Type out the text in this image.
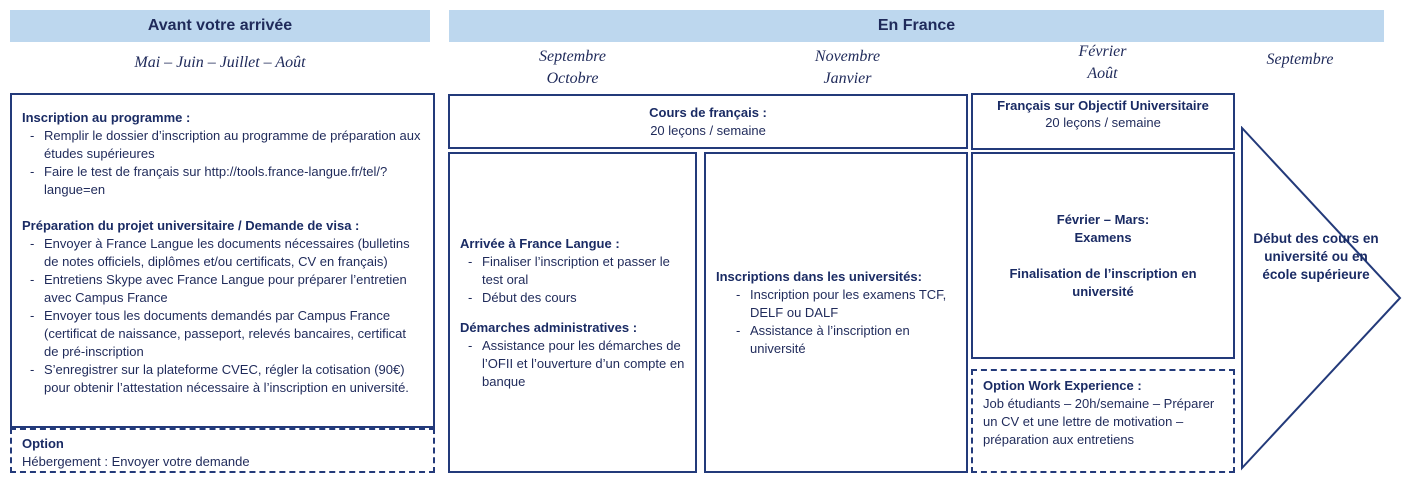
Avant votre arrivée	En France
Mai – Juin – Juillet – Août	Septembre
Octobre
Novembre
Janvier
Février
Août
Septembre
Inscription au programme :
- Remplir le dossier d’inscription au programme de préparation aux études supérieures
- Faire le test de français sur http://tools.france-langue.fr/tel/?langue=en
Préparation du projet universitaire / Demande de visa :
- Envoyer à France Langue les documents nécessaires (bulletins de notes officiels, diplômes et/ou certificats, CV en français)
- Entretiens Skype avec France Langue pour préparer l’entretien avec Campus France
- Envoyer tous les documents demandés par Campus France (certificat de naissance, passeport, relevés bancaires, certificat de pré-inscription
- S’enregistrer sur la plateforme CVEC, régler la cotisation (90€) pour obtenir l’attestation nécessaire à l’inscription en université.
Option
Hébergement : Envoyer votre demande
Cours de français :
20 leçons / semaine
Arrivée à France Langue :
- Finaliser l’inscription et passer le test oral
- Début des cours
Démarches administratives :
- Assistance pour les démarches de l’OFII et l’ouverture d’un compte en banque
Inscriptions dans les universités:
- Inscription pour les examens TCF, DELF ou DALF
- Assistance à l’inscription en université
Français sur Objectif Universitaire
20 leçons / semaine
Février – Mars:
Examens
Finalisation de l’inscription en université
Option Work Experience :
Job étudiants – 20h/semaine – Préparer un CV et une lettre de motivation – préparation aux entretiens
Début des cours en université ou en école supérieure
